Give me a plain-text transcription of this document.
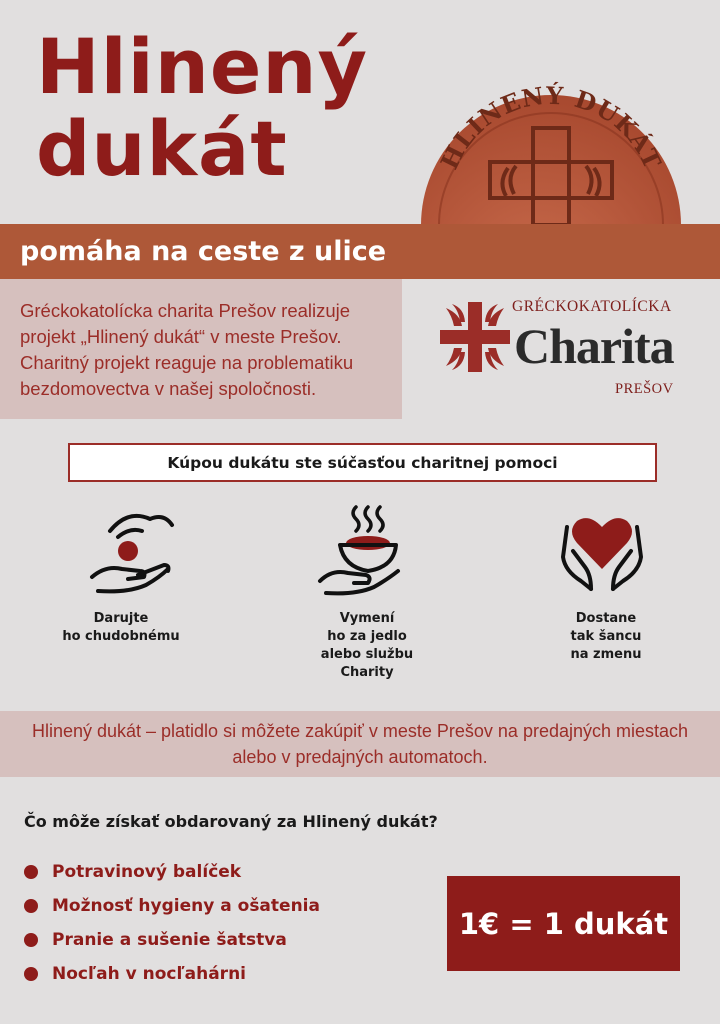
Hlinený
dukát	HLINENÝ DUKÁT
pomáha na ceste z ulice
Gréckokatolícka charita Prešov realizuje projekt „Hlinený dukát“ v meste Prešov. Charitný projekt reaguje na problematiku bezdomovectva v našej spoločnosti.
GRÉCKOKATOLÍCKA
Charita
PREŠOV
Kúpou dukátu ste súčasťou charitnej pomoci
Darujte
ho chudobnému
Vymení
ho za jedlo
alebo službu
Charity
Dostane
tak šancu
na zmenu
Hlinený dukát – platidlo si môžete zakúpiť v meste Prešov na predajných miestach alebo v predajných automatoch.
Čo môže získať obdarovaný za Hlinený dukát?
Potravinový balíček
Možnosť hygieny a ošatenia
Pranie a sušenie šatstva
Nocľah v nocľahárni
1€ = 1 dukát
